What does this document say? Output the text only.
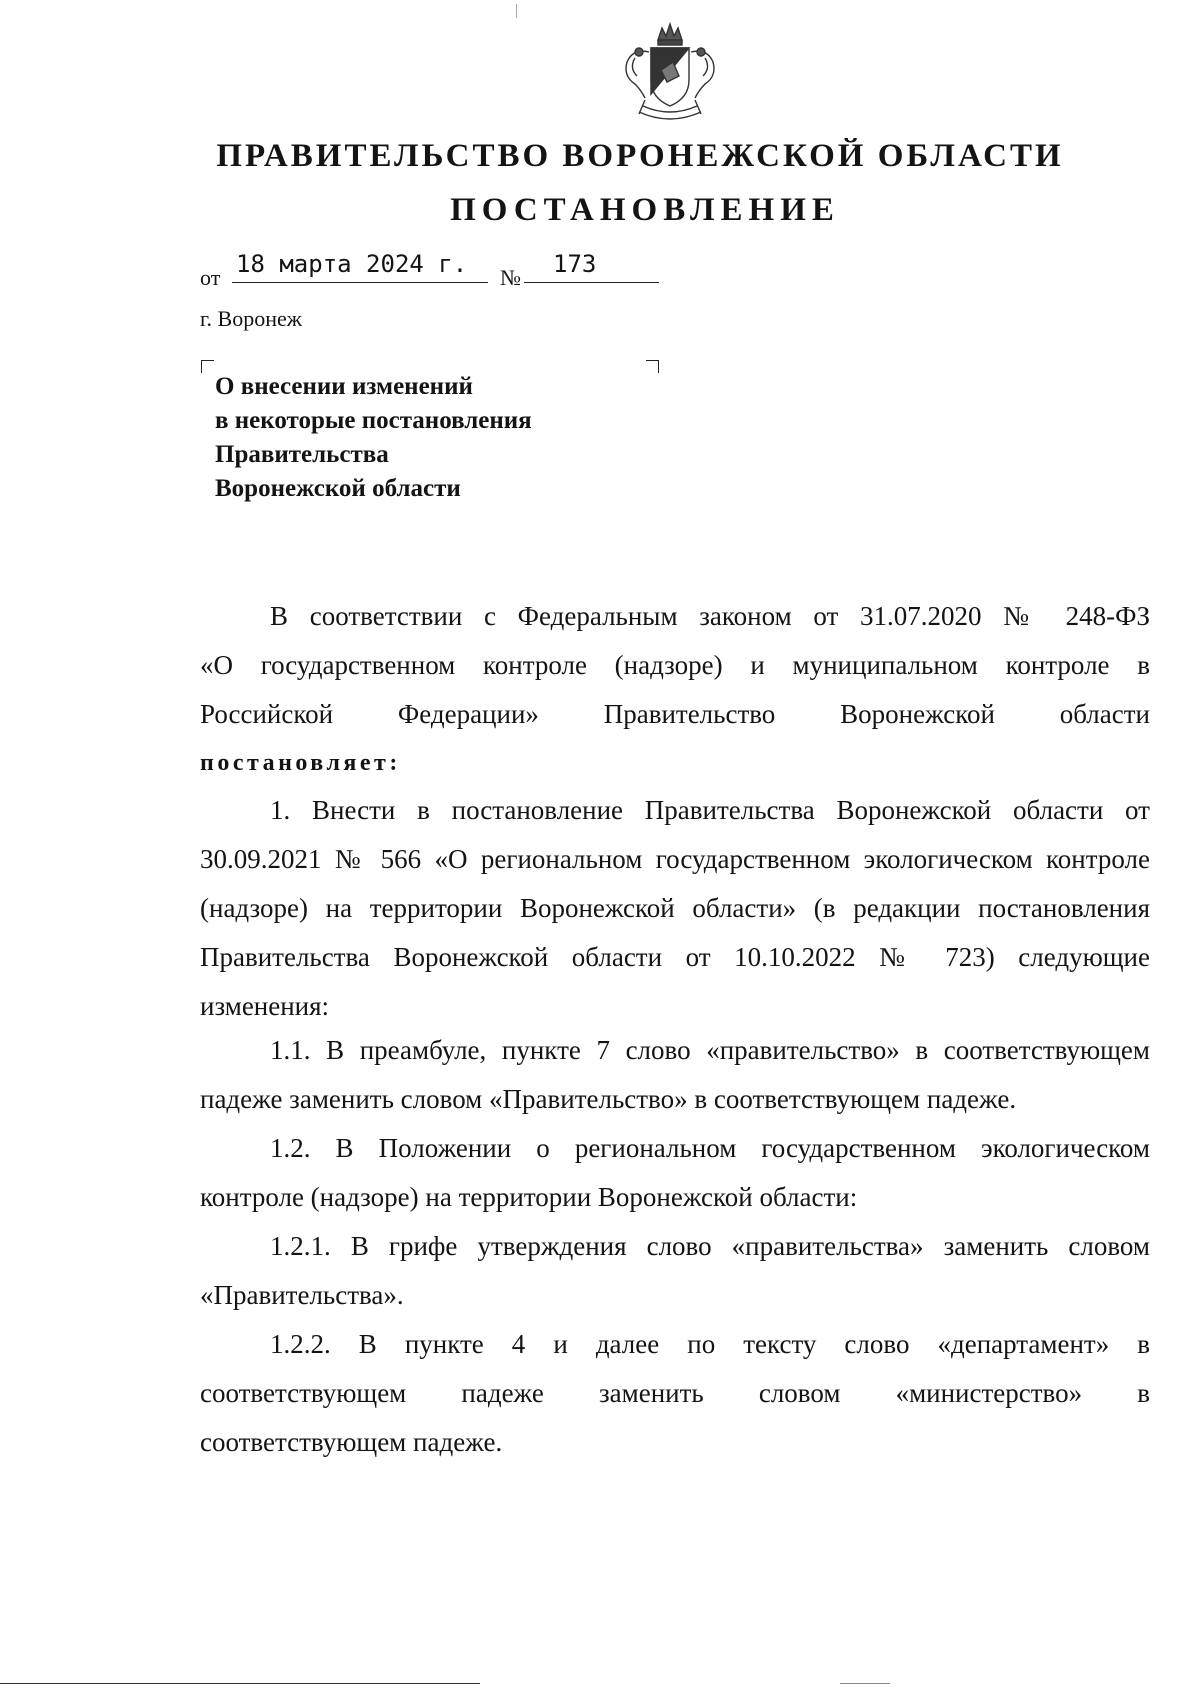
ПРАВИТЕЛЬСТВО ВОРОНЕЖСКОЙ ОБЛАСТИ
ПОСТАНОВЛЕНИЕ
от 18 марта 2024 г. № 173
г. Воронеж
О внесении изменений
в некоторые постановления
Правительства
Воронежской области
В соответствии с Федеральным законом от 31.07.2020 № 248-ФЗ
«О государственном контроле (надзоре) и муниципальном контроле в
Российской Федерации» Правительство Воронежской области
постановляет:
1. Внести в постановление Правительства Воронежской области от
30.09.2021 № 566 «О региональном государственном экологическом контроле
(надзоре) на территории Воронежской области» (в редакции постановления
Правительства Воронежской области от 10.10.2022 № 723) следующие
изменения:
1.1. В преамбуле, пункте 7 слово «правительство» в соответствующем
падеже заменить словом «Правительство» в соответствующем падеже.
1.2. В Положении о региональном государственном экологическом
контроле (надзоре) на территории Воронежской области:
1.2.1. В грифе утверждения слово «правительства» заменить словом
«Правительства».
1.2.2. В пункте 4 и далее по тексту слово «департамент» в
соответствующем падеже заменить словом «министерство» в
соответствующем падеже.
